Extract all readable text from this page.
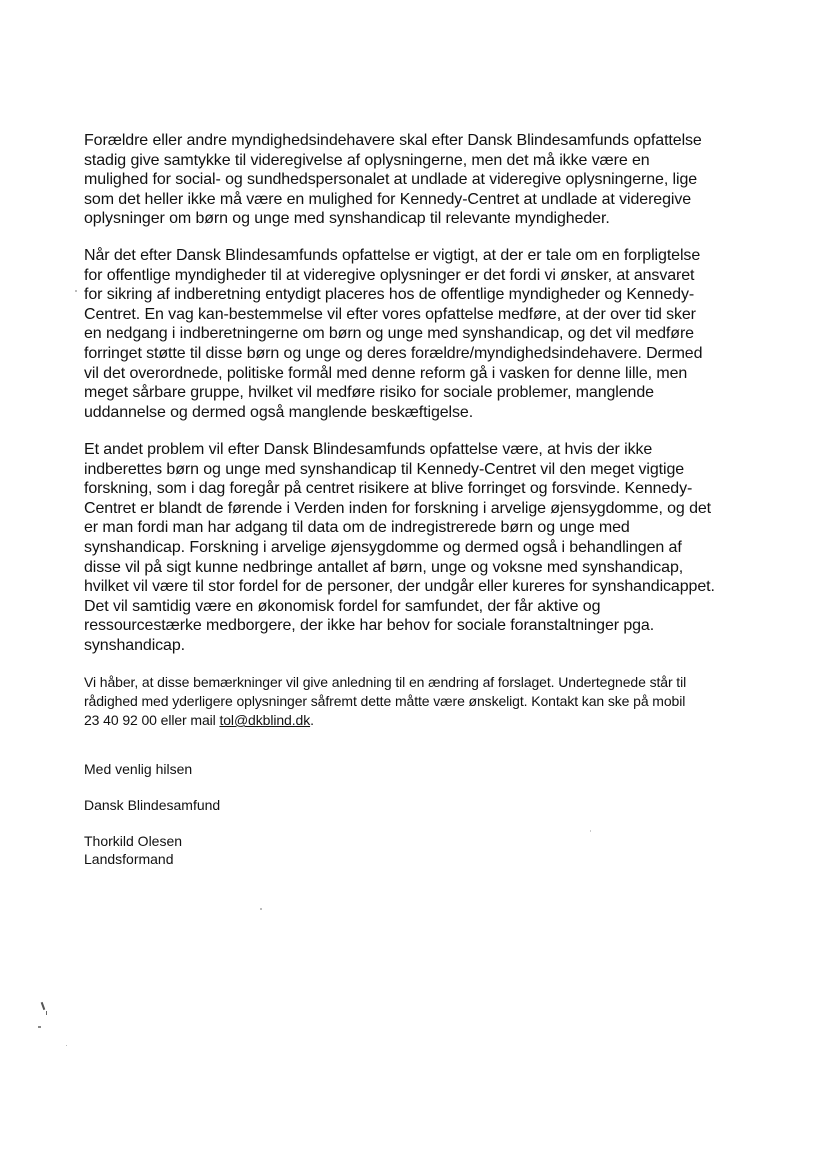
Forældre eller andre myndighedsindehavere skal efter Dansk Blindesamfunds opfattelse
stadig give samtykke til videregivelse af oplysningerne, men det må ikke være en
mulighed for social- og sundhedspersonalet at undlade at videregive oplysningerne, lige
som det heller ikke må være en mulighed for Kennedy-Centret at undlade at videregive
oplysninger om børn og unge med synshandicap til relevante myndigheder.

Når det efter Dansk Blindesamfunds opfattelse er vigtigt, at der er tale om en forpligtelse
for offentlige myndigheder til at videregive oplysninger er det fordi vi ønsker, at ansvaret
for sikring af indberetning entydigt placeres hos de offentlige myndigheder og Kennedy-
Centret. En vag kan-bestemmelse vil efter vores opfattelse medføre, at der over tid sker
en nedgang i indberetningerne om børn og unge med synshandicap, og det vil medføre
forringet støtte til disse børn og unge og deres forældre/myndighedsindehavere. Dermed
vil det overordnede, politiske formål med denne reform gå i vasken for denne lille, men
meget sårbare gruppe, hvilket vil medføre risiko for sociale problemer, manglende
uddannelse og dermed også manglende beskæftigelse.

Et andet problem vil efter Dansk Blindesamfunds opfattelse være, at hvis der ikke
indberettes børn og unge med synshandicap til Kennedy-Centret vil den meget vigtige
forskning, som i dag foregår på centret risikere at blive forringet og forsvinde. Kennedy-
Centret er blandt de førende i Verden inden for forskning i arvelige øjensygdomme, og det
er man fordi man har adgang til data om de indregistrerede børn og unge med
synshandicap. Forskning i arvelige øjensygdomme og dermed også i behandlingen af
disse vil på sigt kunne nedbringe antallet af børn, unge og voksne med synshandicap,
hvilket vil være til stor fordel for de personer, der undgår eller kureres for synshandicappet.
Det vil samtidig være en økonomisk fordel for samfundet, der får aktive og
ressourcestærke medborgere, der ikke har behov for sociale foranstaltninger pga.
synshandicap.

Vi håber, at disse bemærkninger vil give anledning til en ændring af forslaget. Undertegnede står til
rådighed med yderligere oplysninger såfremt dette måtte være ønskeligt. Kontakt kan ske på mobil
23 40 92 00 eller mail tol@dkblind.dk.

Med venlig hilsen

Dansk Blindesamfund

Thorkild Olesen

Landsformand
